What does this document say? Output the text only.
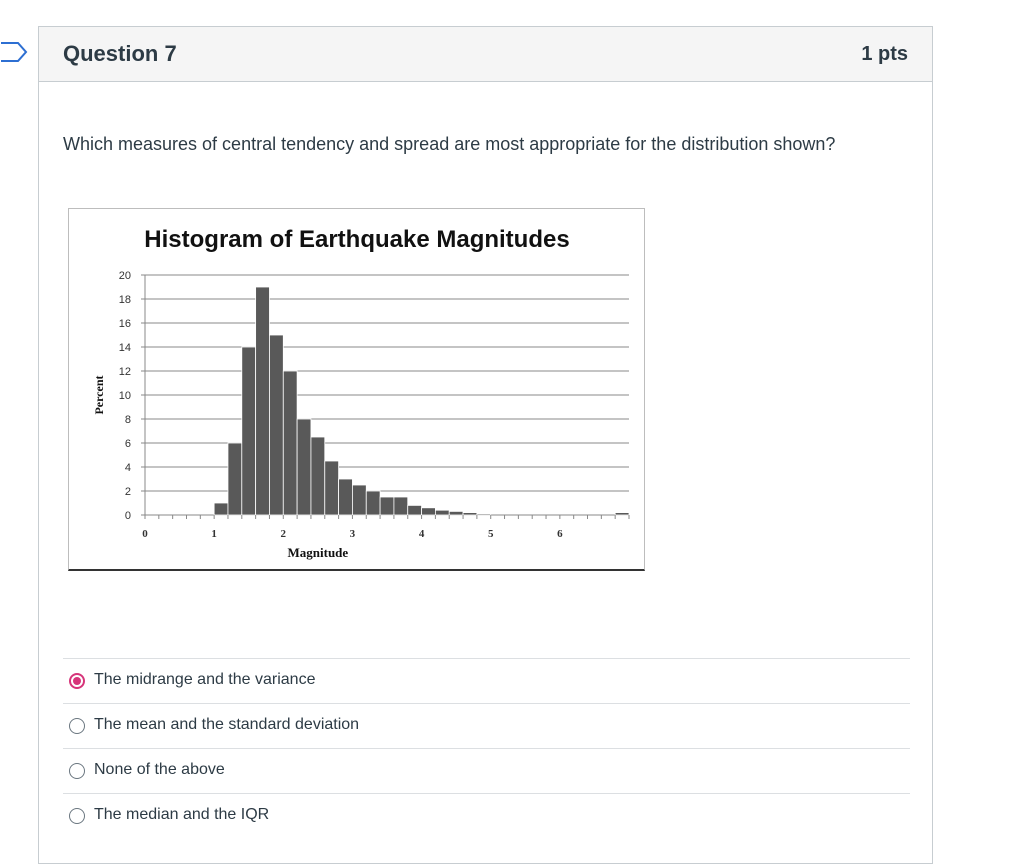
Question 7	1 pts
Which measures of central tendency and spread are most appropriate for the distribution shown?
Histogram of Earthquake Magnitudes
0
2
4
6
8
10
12
14
16
18
20
Percent
0	1	2	3	4	5	6
Magnitude
The midrange and the variance
The mean and the standard deviation
None of the above
The median and the IQR
